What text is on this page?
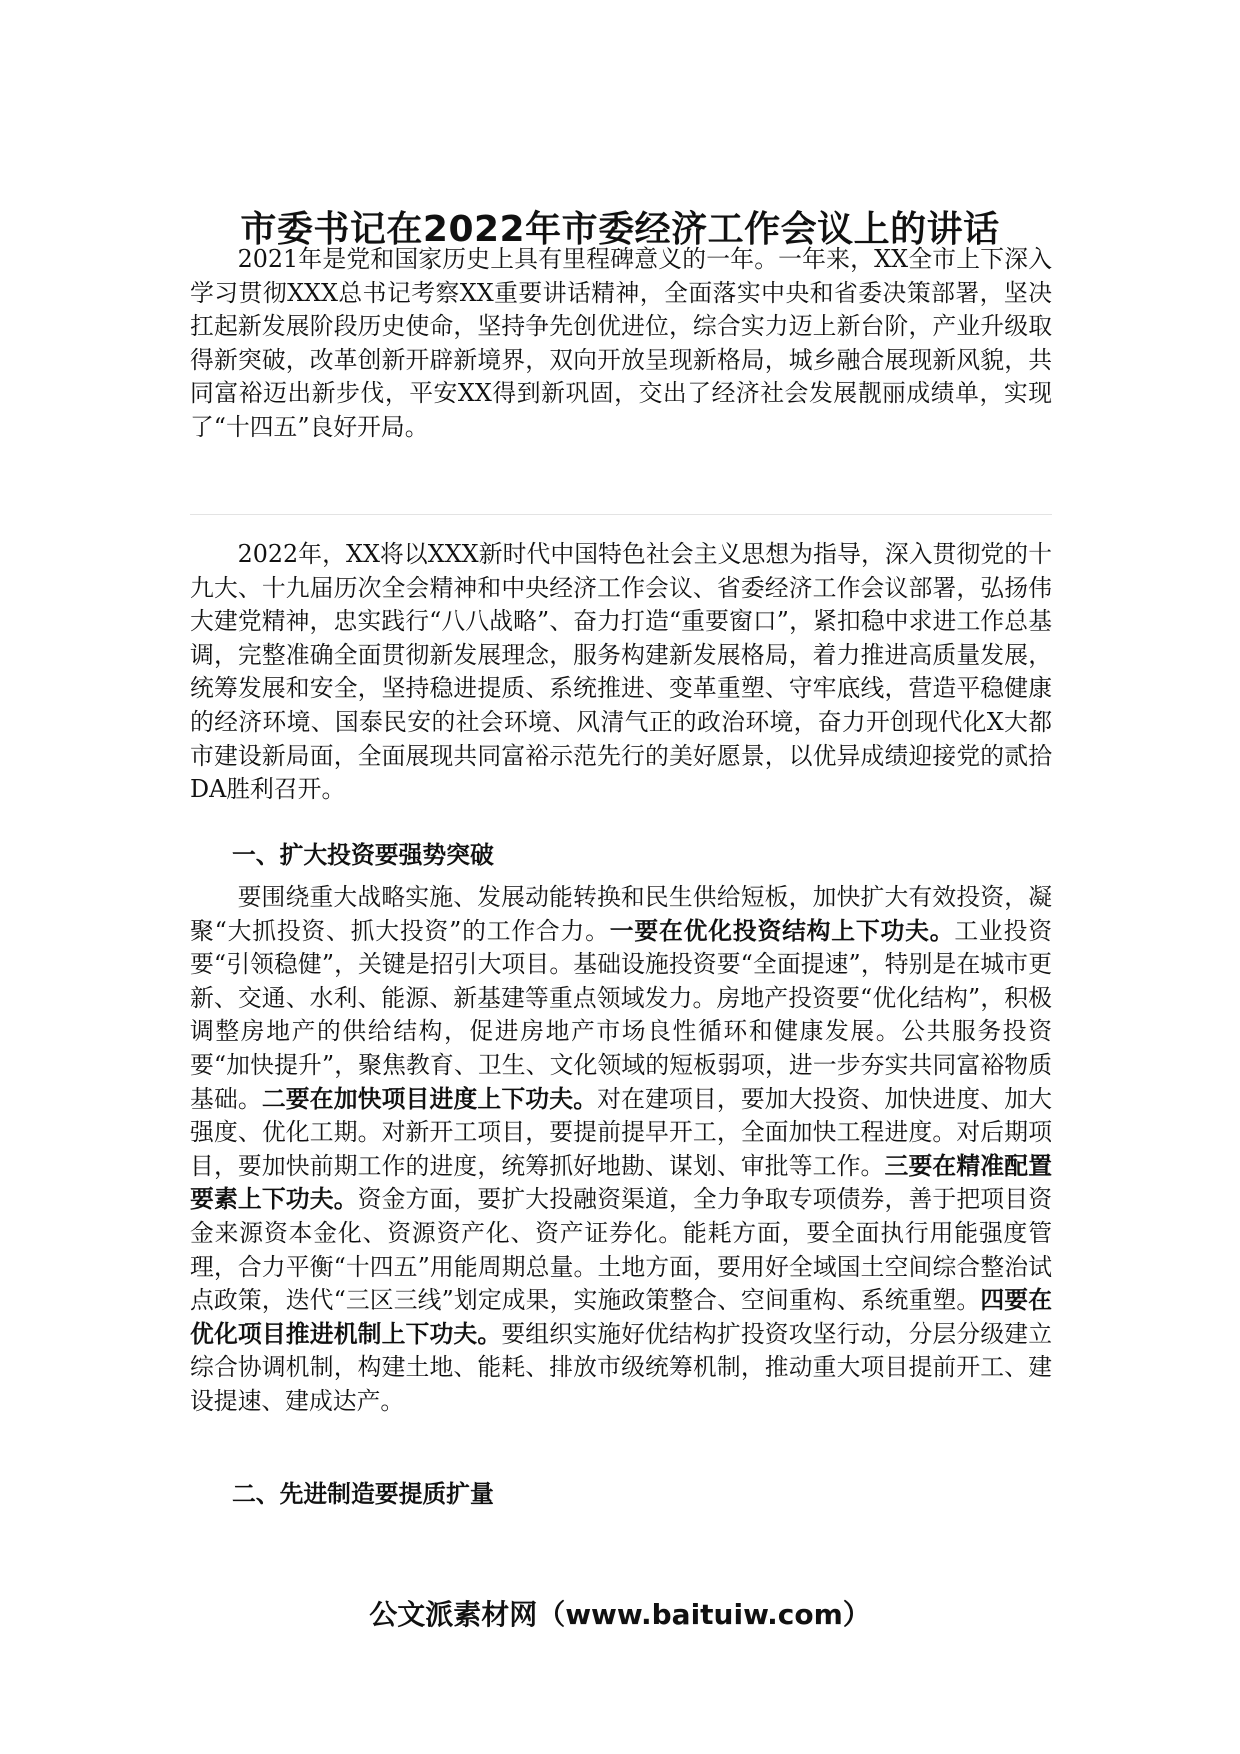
市委书记在2022年市委经济工作会议上的讲话

2021年是党和国家历史上具有里程碑意义的一年。一年来，XX全市上下深入学习贯彻XXX总书记考察XX重要讲话精神，全面落实中央和省委决策部署，坚决扛起新发展阶段历史使命，坚持争先创优进位，综合实力迈上新台阶，产业升级取得新突破，改革创新开辟新境界，双向开放呈现新格局，城乡融合展现新风貌，共同富裕迈出新步伐，平安XX得到新巩固，交出了经济社会发展靓丽成绩单，实现了“十四五”良好开局。

2022年，XX将以XXX新时代中国特色社会主义思想为指导，深入贯彻党的十九大、十九届历次全会精神和中央经济工作会议、省委经济工作会议部署，弘扬伟大建党精神，忠实践行“八八战略”、奋力打造“重要窗口”，紧扣稳中求进工作总基调，完整准确全面贯彻新发展理念，服务构建新发展格局，着力推进高质量发展，统筹发展和安全，坚持稳进提质、系统推进、变革重塑、守牢底线，营造平稳健康的经济环境、国泰民安的社会环境、风清气正的政治环境，奋力开创现代化X大都市建设新局面，全面展现共同富裕示范先行的美好愿景，以优异成绩迎接党的贰拾DA胜利召开。

一、扩大投资要强势突破

要围绕重大战略实施、发展动能转换和民生供给短板，加快扩大有效投资，凝聚“大抓投资、抓大投资”的工作合力。一要在优化投资结构上下功夫。工业投资要“引领稳健”，关键是招引大项目。基础设施投资要“全面提速”，特别是在城市更新、交通、水利、能源、新基建等重点领域发力。房地产投资要“优化结构”，积极调整房地产的供给结构，促进房地产市场良性循环和健康发展。公共服务投资要“加快提升”，聚焦教育、卫生、文化领域的短板弱项，进一步夯实共同富裕物质基础。二要在加快项目进度上下功夫。对在建项目，要加大投资、加快进度、加大强度、优化工期。对新开工项目，要提前提早开工，全面加快工程进度。对后期项目，要加快前期工作的进度，统筹抓好地勘、谋划、审批等工作。三要在精准配置要素上下功夫。资金方面，要扩大投融资渠道，全力争取专项债券，善于把项目资金来源资本金化、资源资产化、资产证券化。能耗方面，要全面执行用能强度管理，合力平衡“十四五”用能周期总量。土地方面，要用好全域国土空间综合整治试点政策，迭代“三区三线”划定成果，实施政策整合、空间重构、系统重塑。四要在优化项目推进机制上下功夫。要组织实施好优结构扩投资攻坚行动，分层分级建立综合协调机制，构建土地、能耗、排放市级统筹机制，推动重大项目提前开工、建设提速、建成达产。

二、先进制造要提质扩量
公文派素材网（www.baituiw.com）
